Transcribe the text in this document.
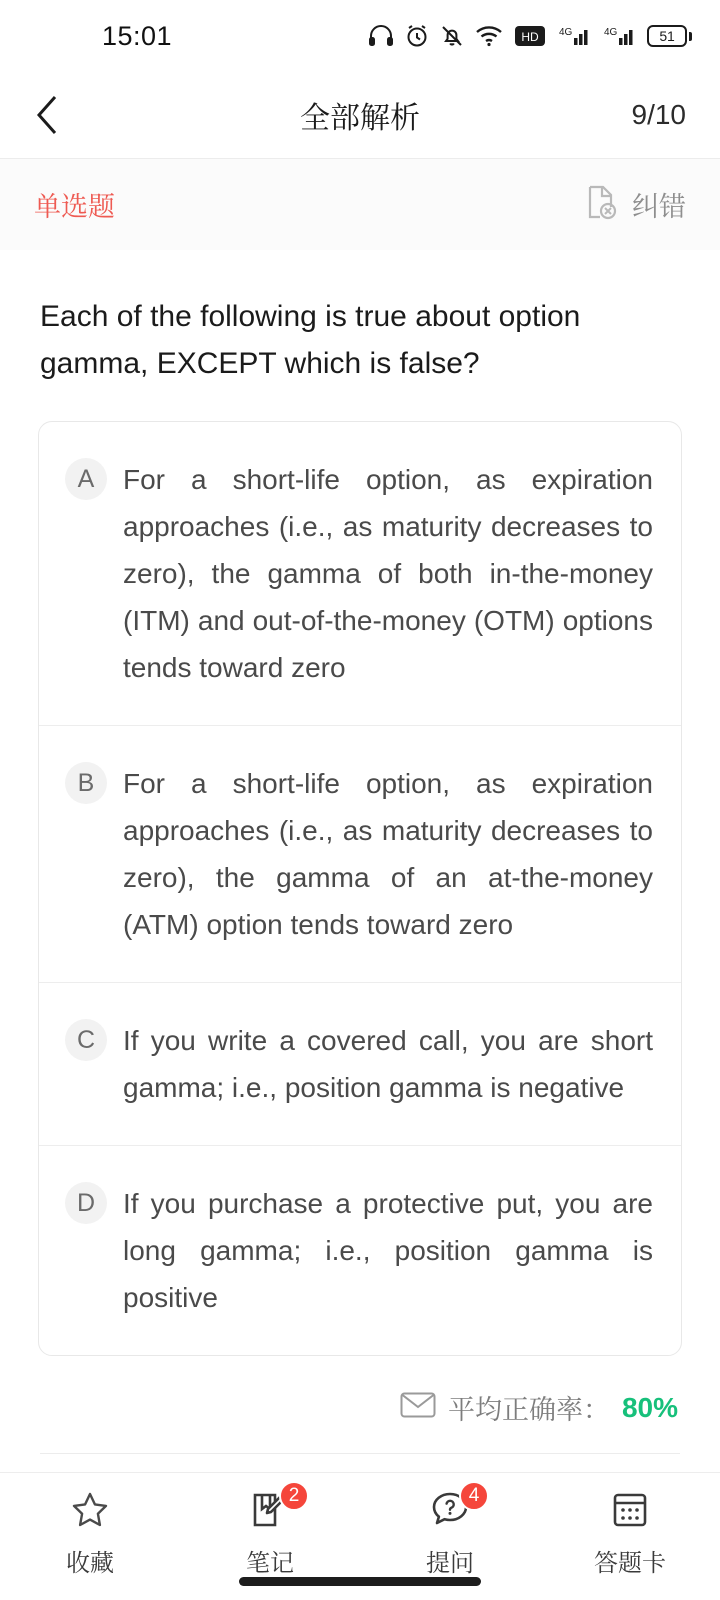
15:01	HD 4G	4G	51
全部解析	9/10
单选题	纠错
Each of the following is true about option gamma, EXCEPT which is false?
A	For a short-life option, as expiration approaches (i.e., as maturity decreases to zero), the gamma of both in-the-money (ITM) and out-of-the-money (OTM) options tends toward zero
B	For a short-life option, as expiration approaches (i.e., as maturity decreases to zero), the gamma of an at-the-money (ATM) option tends toward zero
C If you write a covered call, you are short gamma; i.e., position gamma is negative
D If you purchase a protective put, you are long gamma; i.e., position gamma is positive
平均正确率： 80%
收藏
2
笔记
4
提问	答题卡
